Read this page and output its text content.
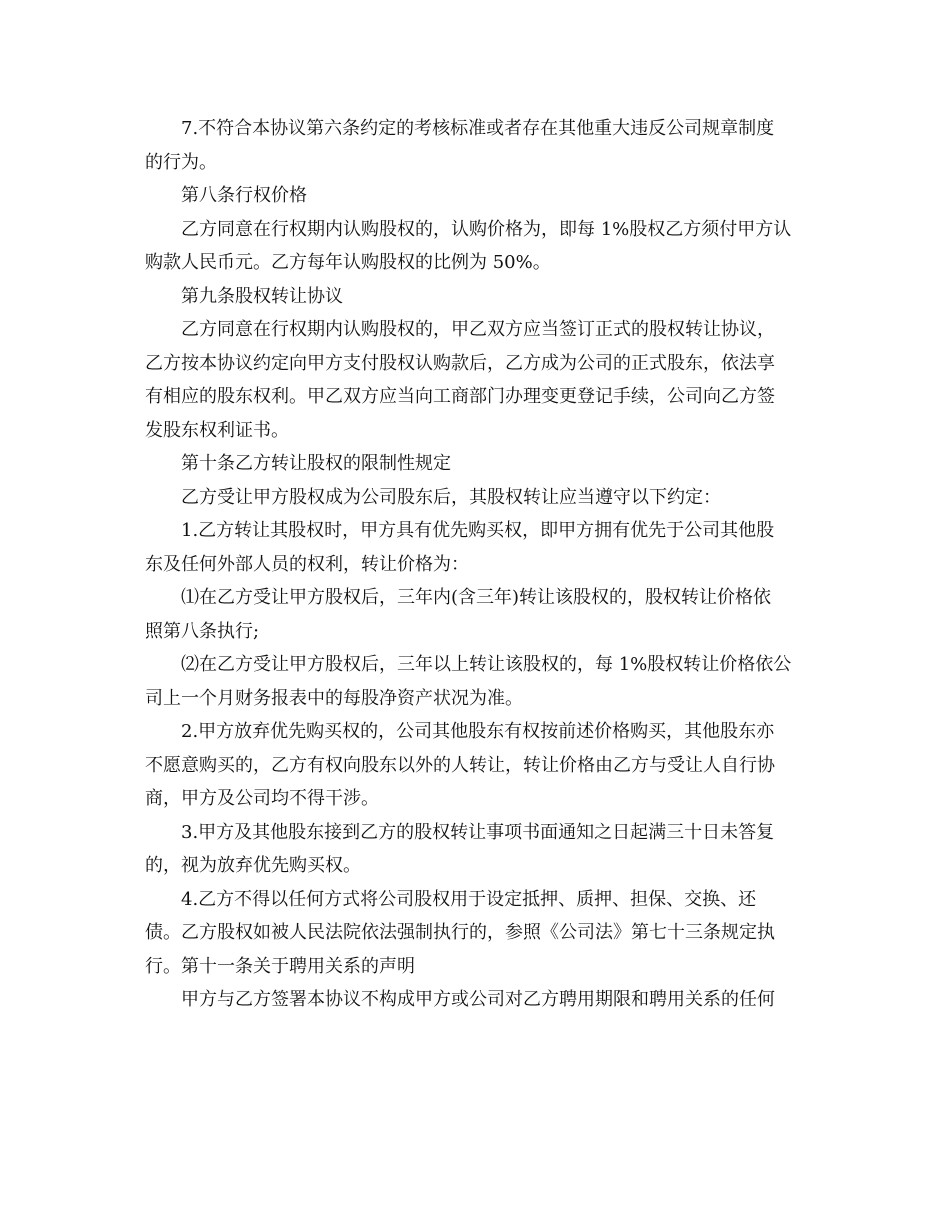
7.不符合本协议第六条约定的考核标准或者存在其他重大违反公司规章制度
的行为。

第八条行权价格

乙方同意在行权期内认购股权的，认购价格为，即每 1%股权乙方须付甲方认
购款人民币元。乙方每年认购股权的比例为 50%。

第九条股权转让协议

乙方同意在行权期内认购股权的，甲乙双方应当签订正式的股权转让协议，
乙方按本协议约定向甲方支付股权认购款后，乙方成为公司的正式股东，依法享
有相应的股东权利。甲乙双方应当向工商部门办理变更登记手续，公司向乙方签
发股东权利证书。

第十条乙方转让股权的限制性规定

乙方受让甲方股权成为公司股东后，其股权转让应当遵守以下约定：

1.乙方转让其股权时，甲方具有优先购买权，即甲方拥有优先于公司其他股
东及任何外部人员的权利，转让价格为：

⑴在乙方受让甲方股权后，三年内(含三年)转让该股权的，股权转让价格依
照第八条执行;

⑵在乙方受让甲方股权后，三年以上转让该股权的，每 1%股权转让价格依公
司上一个月财务报表中的每股净资产状况为准。

2.甲方放弃优先购买权的，公司其他股东有权按前述价格购买，其他股东亦
不愿意购买的，乙方有权向股东以外的人转让，转让价格由乙方与受让人自行协
商，甲方及公司均不得干涉。

3.甲方及其他股东接到乙方的股权转让事项书面通知之日起满三十日未答复
的，视为放弃优先购买权。

4.乙方不得以任何方式将公司股权用于设定抵押、质押、担保、交换、还
债。乙方股权如被人民法院依法强制执行的，参照《公司法》第七十三条规定执
行。第十一条关于聘用关系的声明

甲方与乙方签署本协议不构成甲方或公司对乙方聘用期限和聘用关系的任何
